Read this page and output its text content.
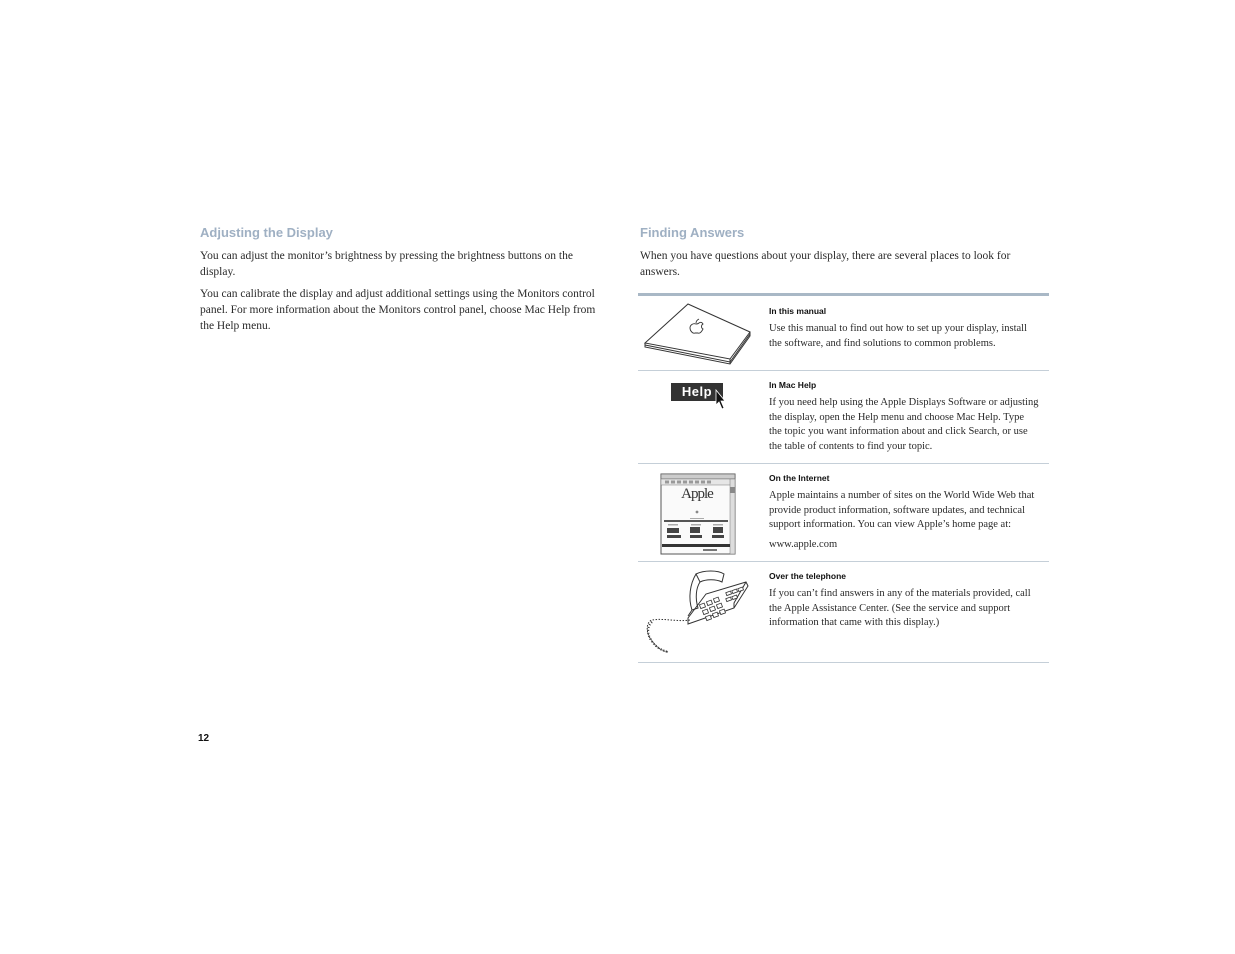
Adjusting the Display

You can adjust the monitor’s brightness by pressing the brightness buttons on the display.

You can calibrate the display and adjust additional settings using the Monitors control panel. For more information about the Monitors control panel, choose Mac Help from the Help menu.

Finding Answers

When you have questions about your display, there are several places to look for answers.

In this manual

Use this manual to find out how to set up your display, install the software, and find solutions to common problems.

Help	In Mac Help

If you need help using the Apple Displays Software or adjusting the display, open the Help menu and choose Mac Help. Type the topic you want information about and click Search, or use the table of contents to find your topic.

Apple

On the Internet

Apple maintains a number of sites on the World Wide Web that provide product information, software updates, and technical support information. You can view Apple’s home page at:

www.apple.com

Over the telephone

If you can’t find answers in any of the materials provided, call the Apple Assistance Center. (See the service and support information that came with this display.)

12
